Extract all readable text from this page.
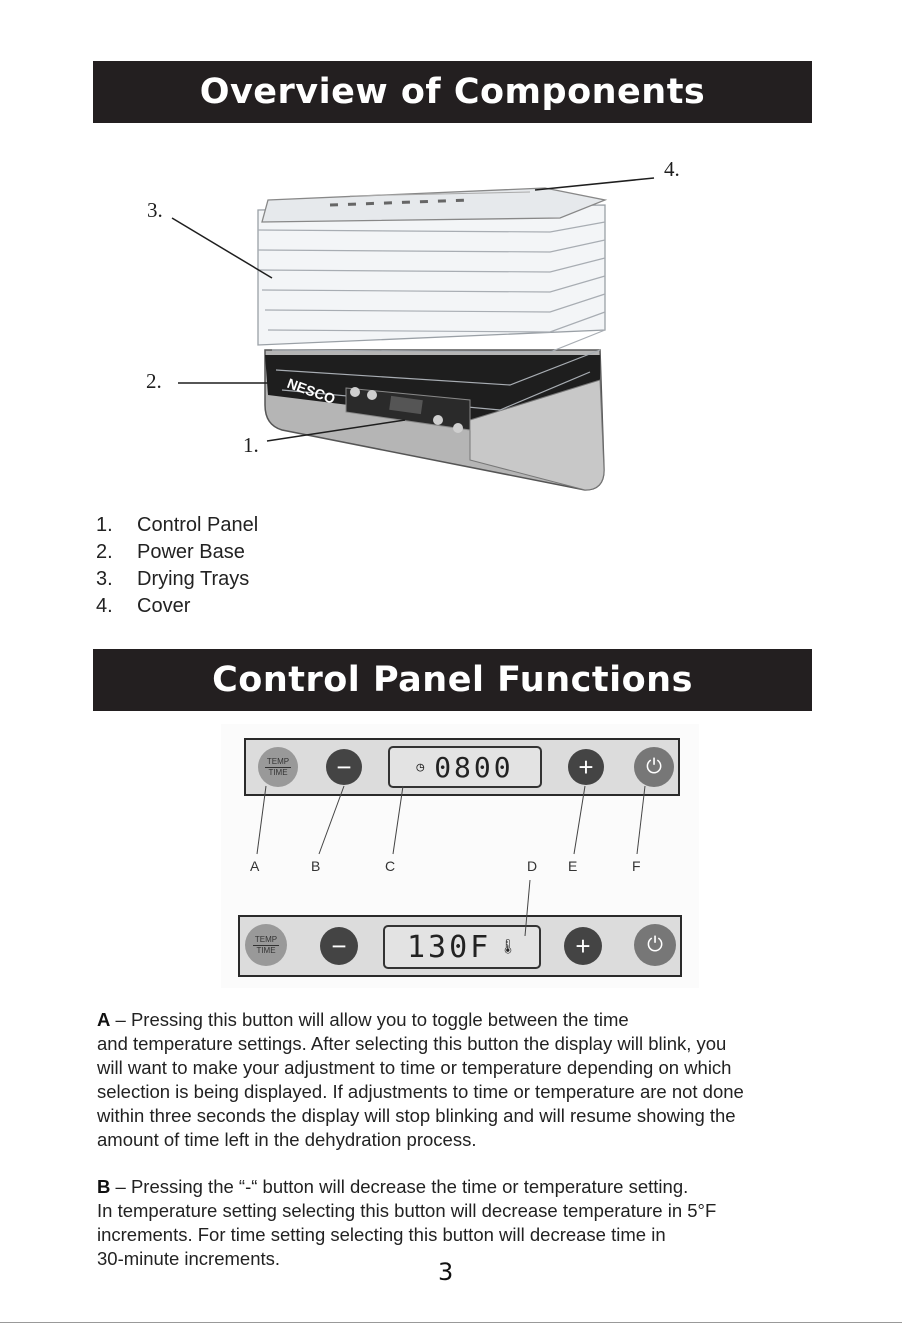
Overview of Components
NESCO
3.
2.
1.
4.
1.	Control Panel
2.	Power Base
3.	Drying Trays
4.	Cover
Control Panel Functions
TEMP
TIME	−	◷ 0800	+	⏻
TEMP
TIME	−	130F 🌡	+	⏻
A	B	C	D E	F
A – Pressing this button will allow you to toggle between the time
and temperature settings. After selecting this button the display will blink, you
will want to make your adjustment to time or temperature depending on which
selection is being displayed. If adjustments to time or temperature are not done
within three seconds the display will stop blinking and will resume showing the
amount of time left in the dehydration process.
B – Pressing the “-“ button will decrease the time or temperature setting.
In temperature setting selecting this button will decrease temperature in 5°F
increments. For time setting selecting this button will decrease time in
30-minute increments.	3
